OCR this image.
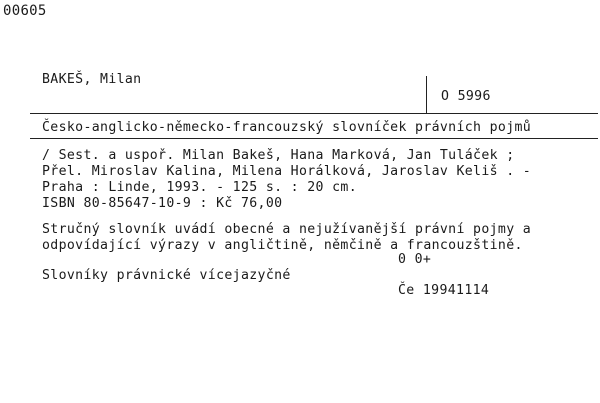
00605
BAKEŠ, Milan
O 5996
Česko-anglicko-německo-francouzský slovníček právních pojmů
/ Sest. a uspoř. Milan Bakeš, Hana Marková, Jan Tuláček ;
Přel. Miroslav Kalina, Milena Horálková, Jaroslav Keliš . -
Praha : Linde, 1993. - 125 s. : 20 cm.
ISBN 80-85647-10-9 : Kč 76,00
Stručný slovník uvádí obecné a nejužívanější právní pojmy a
odpovídající výrazy v angličtině, němčině a francouzštině.
0 0+
Slovníky právnické vícejazyčné
Če 19941114
